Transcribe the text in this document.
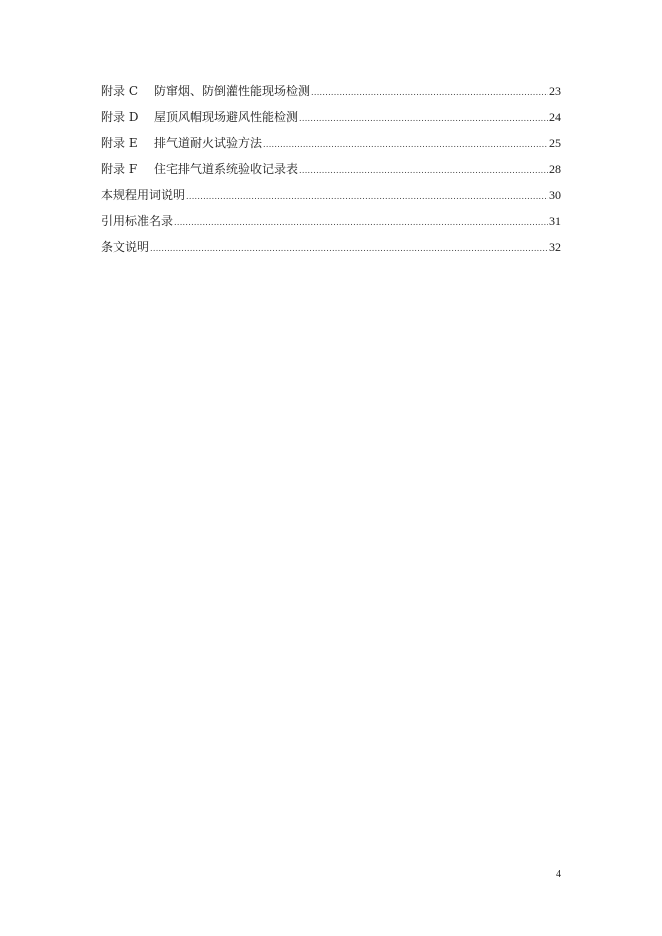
附录 C	防窜烟、防倒灌性能现场检测 .....	23
附录 D	屋顶风帽现场避风性能检测 .....	24
附录 E	排气道耐火试验方法 .....	25
附录 F	住宅排气道系统验收记录表 .....	28
本规程用词说明 .....	30
引用标准名录 .....	31
条文说明 .....	32
4
